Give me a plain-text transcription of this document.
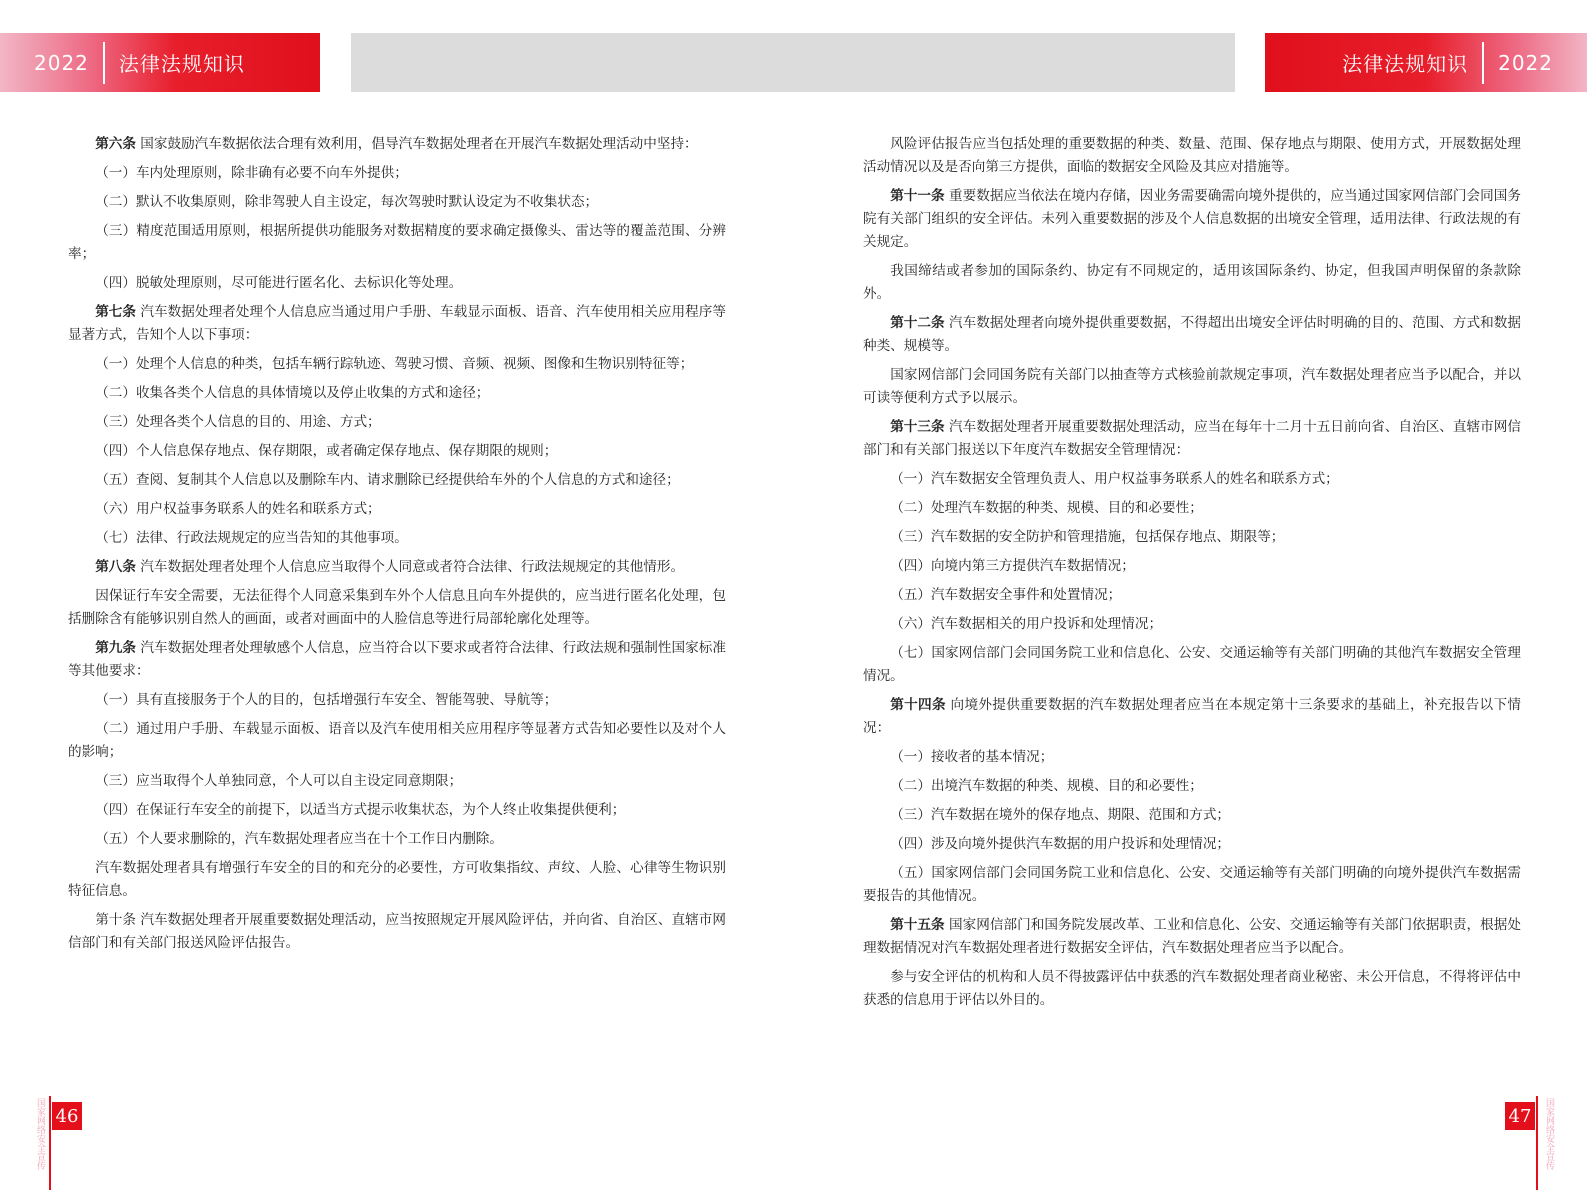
2022 法律法规知识	法律法规知识 2022

第六条 国家鼓励汽车数据依法合理有效利用，倡导汽车数据处理者在开展汽车数据处理活动中坚持：

（一）车内处理原则，除非确有必要不向车外提供；

（二）默认不收集原则，除非驾驶人自主设定，每次驾驶时默认设定为不收集状态；

（三）精度范围适用原则，根据所提供功能服务对数据精度的要求确定摄像头、雷达等的覆盖范围、分辨率；

（四）脱敏处理原则，尽可能进行匿名化、去标识化等处理。

第七条 汽车数据处理者处理个人信息应当通过用户手册、车载显示面板、语音、汽车使用相关应用程序等显著方式，告知个人以下事项：

（一）处理个人信息的种类，包括车辆行踪轨迹、驾驶习惯、音频、视频、图像和生物识别特征等；

（二）收集各类个人信息的具体情境以及停止收集的方式和途径；

（三）处理各类个人信息的目的、用途、方式；

（四）个人信息保存地点、保存期限，或者确定保存地点、保存期限的规则；

（五）查阅、复制其个人信息以及删除车内、请求删除已经提供给车外的个人信息的方式和途径；

（六）用户权益事务联系人的姓名和联系方式；

（七）法律、行政法规规定的应当告知的其他事项。

第八条 汽车数据处理者处理个人信息应当取得个人同意或者符合法律、行政法规规定的其他情形。

因保证行车安全需要，无法征得个人同意采集到车外个人信息且向车外提供的，应当进行匿名化处理，包括删除含有能够识别自然人的画面，或者对画面中的人脸信息等进行局部轮廓化处理等。

第九条 汽车数据处理者处理敏感个人信息，应当符合以下要求或者符合法律、行政法规和强制性国家标准等其他要求：

（一）具有直接服务于个人的目的，包括增强行车安全、智能驾驶、导航等；

（二）通过用户手册、车载显示面板、语音以及汽车使用相关应用程序等显著方式告知必要性以及对个人的影响；

（三）应当取得个人单独同意，个人可以自主设定同意期限；

（四）在保证行车安全的前提下，以适当方式提示收集状态，为个人终止收集提供便利；

（五）个人要求删除的，汽车数据处理者应当在十个工作日内删除。

汽车数据处理者具有增强行车安全的目的和充分的必要性，方可收集指纹、声纹、人脸、心律等生物识别特征信息。

第十条 汽车数据处理者开展重要数据处理活动，应当按照规定开展风险评估，并向省、自治区、直辖市网信部门和有关部门报送风险评估报告。

风险评估报告应当包括处理的重要数据的种类、数量、范围、保存地点与期限、使用方式，开展数据处理活动情况以及是否向第三方提供，面临的数据安全风险及其应对措施等。

第十一条 重要数据应当依法在境内存储，因业务需要确需向境外提供的，应当通过国家网信部门会同国务院有关部门组织的安全评估。未列入重要数据的涉及个人信息数据的出境安全管理，适用法律、行政法规的有关规定。

我国缔结或者参加的国际条约、协定有不同规定的，适用该国际条约、协定，但我国声明保留的条款除外。

第十二条 汽车数据处理者向境外提供重要数据，不得超出出境安全评估时明确的目的、范围、方式和数据种类、规模等。

国家网信部门会同国务院有关部门以抽查等方式核验前款规定事项，汽车数据处理者应当予以配合，并以可读等便利方式予以展示。

第十三条 汽车数据处理者开展重要数据处理活动，应当在每年十二月十五日前向省、自治区、直辖市网信部门和有关部门报送以下年度汽车数据安全管理情况：

（一）汽车数据安全管理负责人、用户权益事务联系人的姓名和联系方式；

（二）处理汽车数据的种类、规模、目的和必要性；

（三）汽车数据的安全防护和管理措施，包括保存地点、期限等；

（四）向境内第三方提供汽车数据情况；

（五）汽车数据安全事件和处置情况；

（六）汽车数据相关的用户投诉和处理情况；

（七）国家网信部门会同国务院工业和信息化、公安、交通运输等有关部门明确的其他汽车数据安全管理情况。

第十四条 向境外提供重要数据的汽车数据处理者应当在本规定第十三条要求的基础上，补充报告以下情况：

（一）接收者的基本情况；

（二）出境汽车数据的种类、规模、目的和必要性；

（三）汽车数据在境外的保存地点、期限、范围和方式；

（四）涉及向境外提供汽车数据的用户投诉和处理情况；

（五）国家网信部门会同国务院工业和信息化、公安、交通运输等有关部门明确的向境外提供汽车数据需要报告的其他情况。

第十五条 国家网信部门和国务院发展改革、工业和信息化、公安、交通运输等有关部门依据职责，根据处理数据情况对汽车数据处理者进行数据安全评估，汽车数据处理者应当予以配合。

参与安全评估的机构和人员不得披露评估中获悉的汽车数据处理者商业秘密、未公开信息，不得将评估中获悉的信息用于评估以外目的。

国家网络安全宣传 46	47	国家网络安全宣传
